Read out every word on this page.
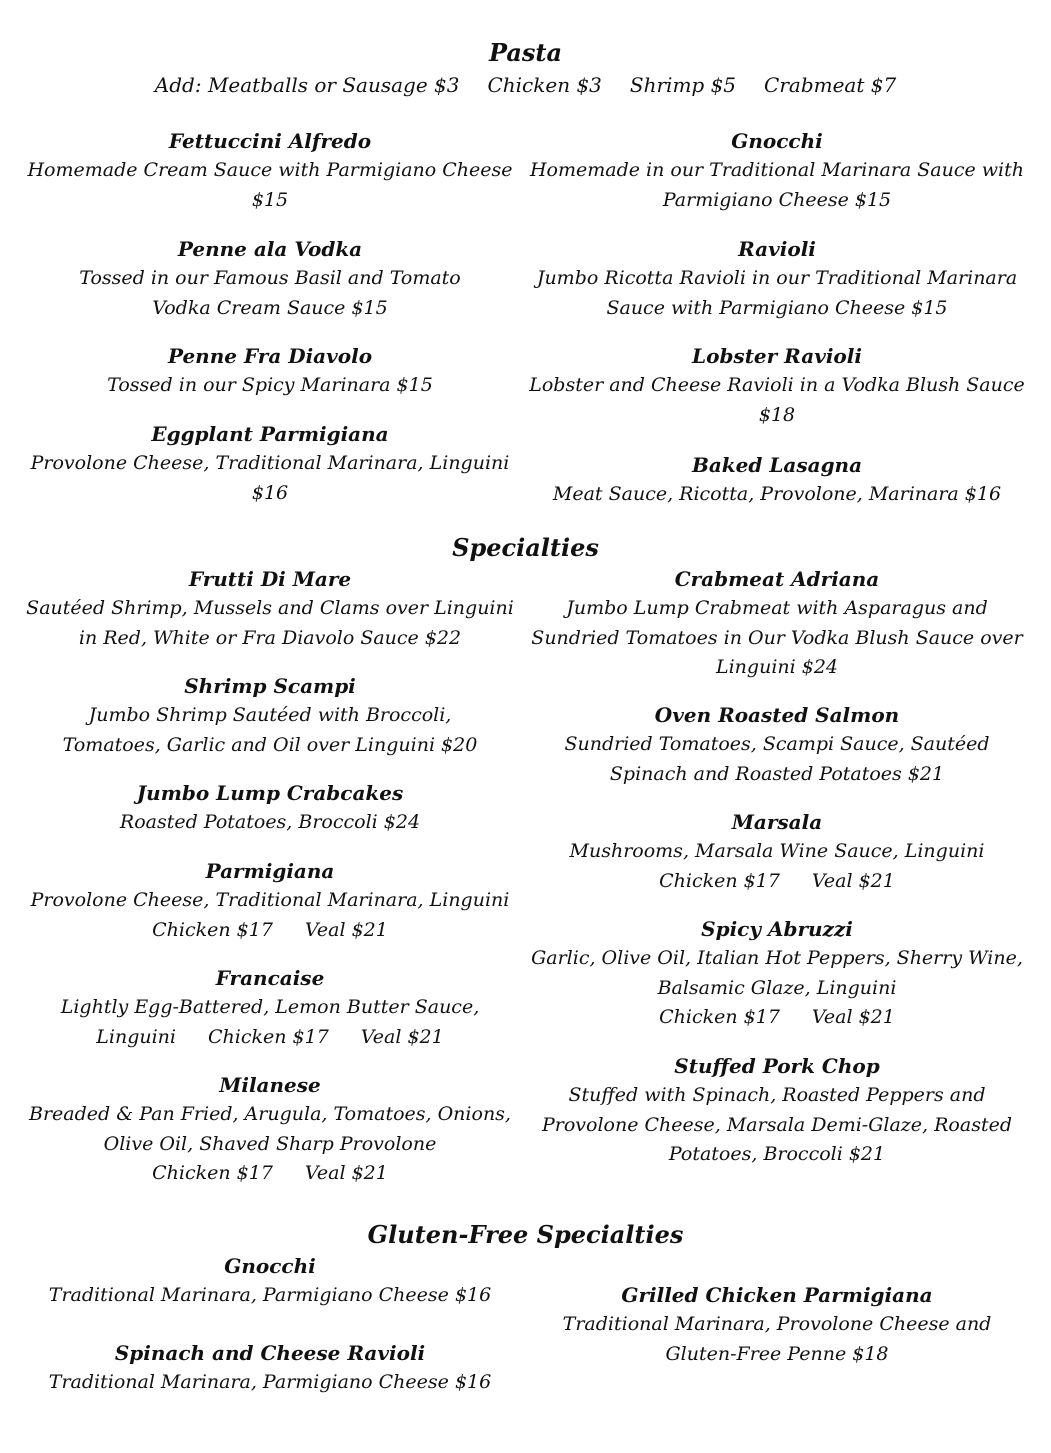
Pasta
Add: Meatballs or Sausage $3 Chicken $3 Shrimp $5 Crabmeat $7

Fettuccini Alfredo

Homemade Cream Sauce with Parmigiano Cheese

$15

Penne ala Vodka

Tossed in our Famous Basil and Tomato Vodka Cream Sauce $15

Penne Fra Diavolo

Tossed in our Spicy Marinara $15

Eggplant Parmigiana

Provolone Cheese, Traditional Marinara, Linguini

$16

Gnocchi

Homemade in our Traditional Marinara Sauce with Parmigiano Cheese $15

Ravioli

Jumbo Ricotta Ravioli in our Traditional Marinara Sauce with Parmigiano Cheese $15

Lobster Ravioli

Lobster and Cheese Ravioli in a Vodka Blush Sauce

$18

Baked Lasagna

Meat Sauce, Ricotta, Provolone, Marinara $16

Specialties

Frutti Di Mare

Sautéed Shrimp, Mussels and Clams over Linguini in Red, White or Fra Diavolo Sauce $22

Shrimp Scampi

Jumbo Shrimp Sautéed with Broccoli, Tomatoes, Garlic and Oil over Linguini $20

Jumbo Lump Crabcakes

Roasted Potatoes, Broccoli $24

Parmigiana

Provolone Cheese, Traditional Marinara, Linguini

Chicken $17 Veal $21

Francaise

Lightly Egg-Battered, Lemon Butter Sauce,

Linguini Chicken $17 Veal $21

Milanese

Breaded & Pan Fried, Arugula, Tomatoes, Onions, Olive Oil, Shaved Sharp Provolone

Chicken $17 Veal $21

Crabmeat Adriana

Jumbo Lump Crabmeat with Asparagus and Sundried Tomatoes in Our Vodka Blush Sauce over Linguini $24

Oven Roasted Salmon

Sundried Tomatoes, Scampi Sauce, Sautéed Spinach and Roasted Potatoes $21

Marsala

Mushrooms, Marsala Wine Sauce, Linguini

Chicken $17 Veal $21

Spicy Abruzzi

Garlic, Olive Oil, Italian Hot Peppers, Sherry Wine, Balsamic Glaze, Linguini

Chicken $17 Veal $21

Stuffed Pork Chop

Stuffed with Spinach, Roasted Peppers and Provolone Cheese, Marsala Demi-Glaze, Roasted Potatoes, Broccoli $21

Gluten-Free Specialties

Gnocchi

Traditional Marinara, Parmigiano Cheese $16

Spinach and Cheese Ravioli

Traditional Marinara, Parmigiano Cheese $16

Grilled Chicken Parmigiana

Traditional Marinara, Provolone Cheese and Gluten-Free Penne $18
